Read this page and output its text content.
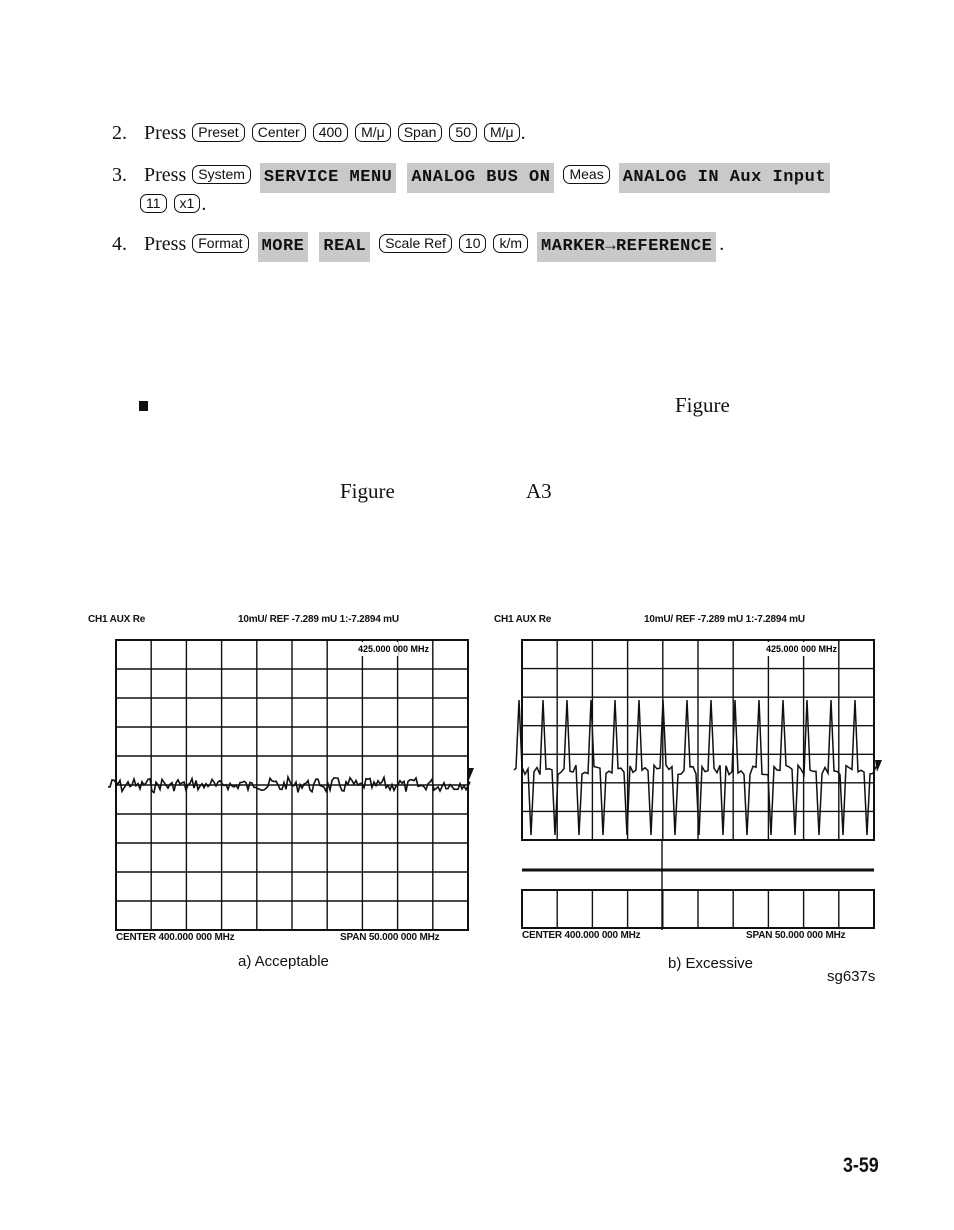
2. Press Preset Center 400 M/μ Span 50 M/μ .
3. Press System SERVICE MENU ANALOG BUS ON Meas ANALOG IN Aux Input
11 x1 .
4. Press Format MORE REAL Scale Ref 10 k/m MARKER→REFERENCE .
Figure
Figure	A3
CH1 AUX Re	10mU/ REF -7.289 mU 1:-7.2894 mU
425.000 000 MHz
CENTER 400.000 000 MHz	SPAN 50.000 000 MHz
a) Acceptable
CH1 AUX Re	10mU/ REF -7.289 mU 1:-7.2894 mU
425.000 000 MHz
CENTER 400.000 000 MHz	SPAN 50.000 000 MHz
b) Excessive
sg637s
3-59
